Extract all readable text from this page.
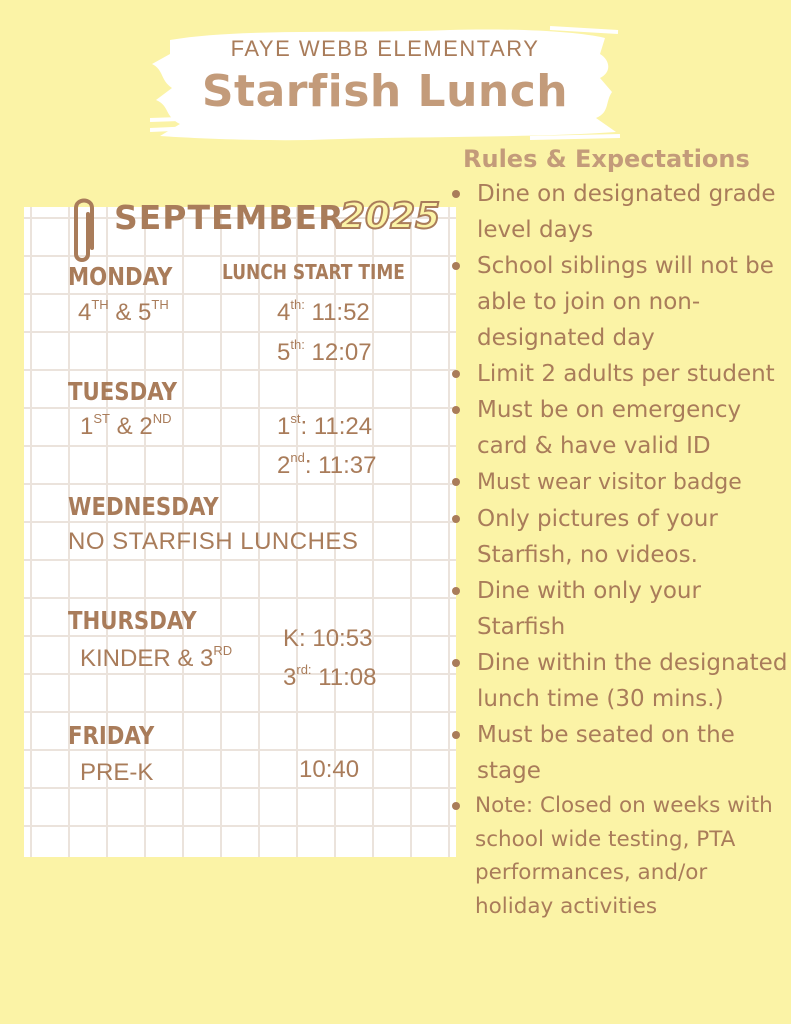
FAYE WEBB ELEMENTARY
Starfish Lunch
SEPTEMBER
2025
LUNCH START TIME
MONDAY
4TH & 5TH	$4^{th:}$ 11:52
$5^{th:}$ 12:07
TUESDAY
1ST & 2ND	1st: 11:24
2nd: 11:37
WEDNESDAY
NO STARFISH LUNCHES
THURSDAY
KINDER & 3RD K: 10:53
$3^{rd:}$ 11:08
FRIDAY
PRE-K	10:40
Rules & Expectations
Dine on designated grade level days
School siblings will not be able to join on non-designated day
Limit 2 adults per student
Must be on emergency card & have valid ID
Must wear visitor badge
Only pictures of your Starfish, no videos.
Dine with only your Starfish
Dine within the designated lunch time (30 mins.)
Must be seated on the stage
Note: Closed on weeks with school wide testing, PTA performances, and/or holiday activities
